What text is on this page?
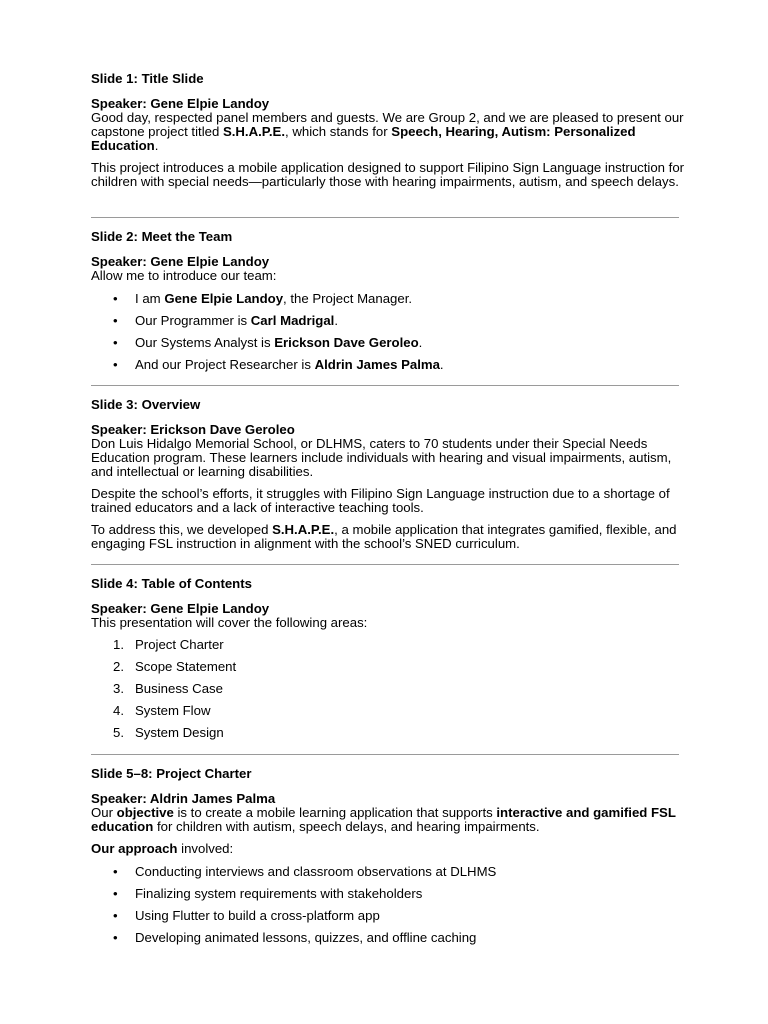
Slide 1: Title Slide

Speaker: Gene Elpie Landoy

Good day, respected panel members and guests. We are Group 2, and we are pleased to present our capstone project titled S.H.A.P.E., which stands for Speech, Hearing, Autism: Personalized Education.

This project introduces a mobile application designed to support Filipino Sign Language instruction for children with special needs—particularly those with hearing impairments, autism, and speech delays.

Slide 2: Meet the Team

Speaker: Gene Elpie Landoy

Allow me to introduce our team:

• I am Gene Elpie Landoy, the Project Manager.
• Our Programmer is Carl Madrigal.
• Our Systems Analyst is Erickson Dave Geroleo.
• And our Project Researcher is Aldrin James Palma.

Slide 3: Overview

Speaker: Erickson Dave Geroleo

Don Luis Hidalgo Memorial School, or DLHMS, caters to 70 students under their Special Needs Education program. These learners include individuals with hearing and visual impairments, autism, and intellectual or learning disabilities.

Despite the school’s efforts, it struggles with Filipino Sign Language instruction due to a shortage of trained educators and a lack of interactive teaching tools.

To address this, we developed S.H.A.P.E., a mobile application that integrates gamified, flexible, and engaging FSL instruction in alignment with the school’s SNED curriculum.

Slide 4: Table of Contents

Speaker: Gene Elpie Landoy

This presentation will cover the following areas:

1. Project Charter
2. Scope Statement
3. Business Case
4. System Flow
5. System Design

Slide 5–8: Project Charter

Speaker: Aldrin James Palma

Our objective is to create a mobile learning application that supports interactive and gamified FSL education for children with autism, speech delays, and hearing impairments.

Our approach involved:

• Conducting interviews and classroom observations at DLHMS
• Finalizing system requirements with stakeholders
• Using Flutter to build a cross-platform app
• Developing animated lessons, quizzes, and offline caching
